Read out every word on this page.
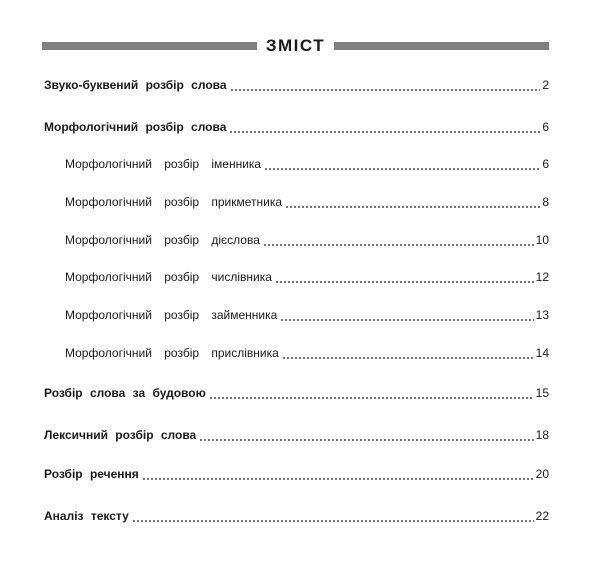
ЗМІСТ
Звуко-буквений розбір слова	2
Морфологічний розбір слова	6
Морфологічний розбір іменника	6
Морфологічний розбір прикметника	8
Морфологічний розбір дієслова	10
Морфологічний розбір числівника	12
Морфологічний розбір займенника	13
Морфологічний розбір прислівника	14
Розбір слова за будовою	15
Лексичний розбір слова	18
Розбір речення	20
Аналіз тексту	22
